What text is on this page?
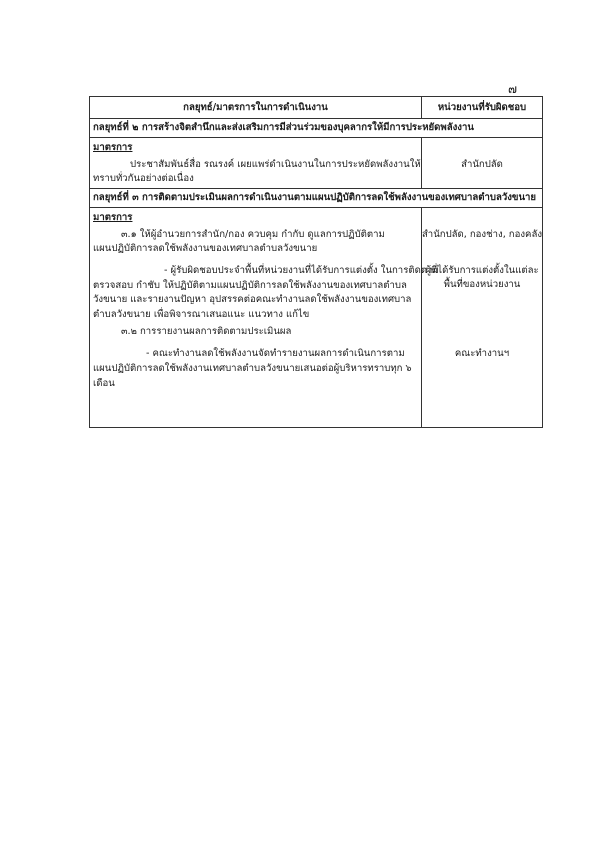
๗
กลยุทธ์/มาตรการในการดำเนินงาน	หน่วยงานที่รับผิดชอบ
กลยุทธ์ที่ ๒ การสร้างจิตสำนึกและส่งเสริมการมีส่วนร่วมของบุคลากรให้มีการประหยัดพลังงาน
มาตรการ
ประชาสัมพันธ์สื่อ รณรงค์ เผยแพร่ดำเนินงานในการประหยัดพลังงานให้
ทราบทั่วกันอย่างต่อเนื่อง
สำนักปลัด
กลยุทธ์ที่ ๓ การติดตามประเมินผลการดำเนินงานตามแผนปฏิบัติการลดใช้พลังงานของเทศบาลตำบลวังขนาย
มาตรการ
๓.๑ ให้ผู้อำนวยการสำนัก/กอง ควบคุม กำกับ ดูแลการปฏิบัติตาม
แผนปฏิบัติการลดใช้พลังงานของเทศบาลตำบลวังขนาย
สำนักปลัด, กองช่าง, กองคลัง
- ผู้รับผิดชอบประจำพื้นที่หน่วยงานที่ได้รับการแต่งตั้ง ในการติดตาม
ตรวจสอบ กำชับ ให้ปฏิบัติตามแผนปฏิบัติการลดใช้พลังงานของเทศบาลตำบล
วังขนาย และรายงานปัญหา อุปสรรคต่อคณะทำงานลดใช้พลังงานของเทศบาล
ตำบลวังขนาย เพื่อพิจารณาเสนอแนะ แนวทาง แก้ไข
ผู้ที่ได้รับการแต่งตั้งในแต่ละ
พื้นที่ของหน่วยงาน
๓.๒ การรายงานผลการติดตามประเมินผล
- คณะทำงานลดใช้พลังงานจัดทำรายงานผลการดำเนินการตาม
แผนปฏิบัติการลดใช้พลังงานเทศบาลตำบลวังขนายเสนอต่อผู้บริหารทราบทุก ๖
เดือน
คณะทำงานฯ
